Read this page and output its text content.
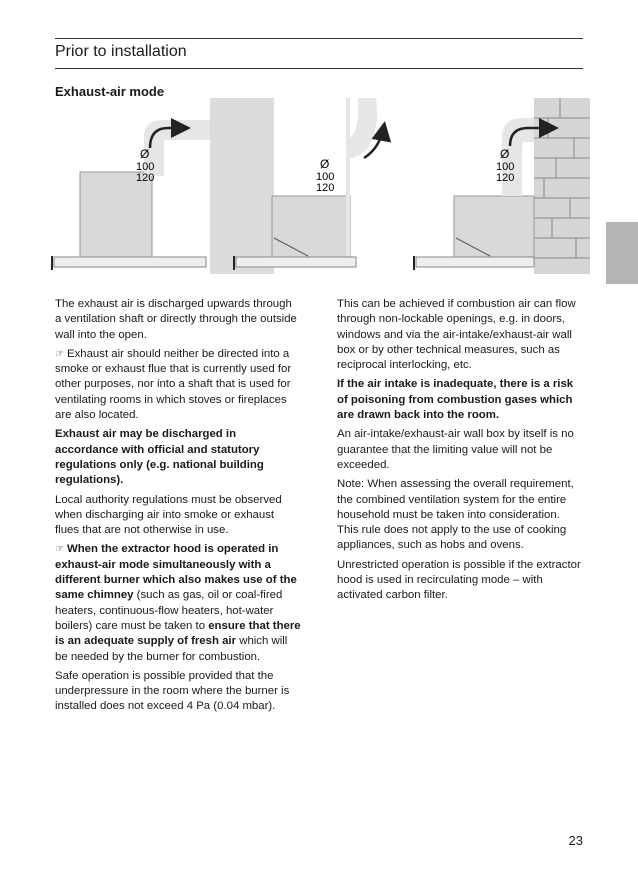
Prior to installation
Exhaust-air mode
Ø
100
120
Ø
100
120
Ø
100
120

The exhaust air is discharged upwards through a ventilation shaft or directly through the outside wall into the open.

☞ Exhaust air should neither be directed into a smoke or exhaust flue that is currently used for other purposes, nor into a shaft that is used for ventilating rooms in which stoves or fireplaces are also located.

Exhaust air may be discharged in accordance with official and statutory regulations only (e.g. national building regulations).

Local authority regulations must be observed when discharging air into smoke or exhaust flues that are not otherwise in use.

☞ When the extractor hood is operated in exhaust-air mode simultaneously with a different burner which also makes use of the same chimney (such as gas, oil or coal-fired heaters, continuous-flow heaters, hot-water boilers) care must be taken to ensure that there is an adequate supply of fresh air which will be needed by the burner for combustion.

Safe operation is possible provided that the underpressure in the room where the burner is installed does not exceed 4 Pa (0.04 mbar).

This can be achieved if combustion air can flow through non-lockable openings, e.g. in doors, windows and via the air-intake/exhaust-air wall box or by other technical measures, such as reciprocal interlocking, etc.

If the air intake is inadequate, there is a risk of poisoning from combustion gases which are drawn back into the room.

An air-intake/exhaust-air wall box by itself is no guarantee that the limiting value will not be exceeded.

Note: When assessing the overall requirement, the combined ventilation system for the entire household must be taken into consideration. This rule does not apply to the use of cooking appliances, such as hobs and ovens.

Unrestricted operation is possible if the extractor hood is used in recirculating mode – with activated carbon filter.

23
